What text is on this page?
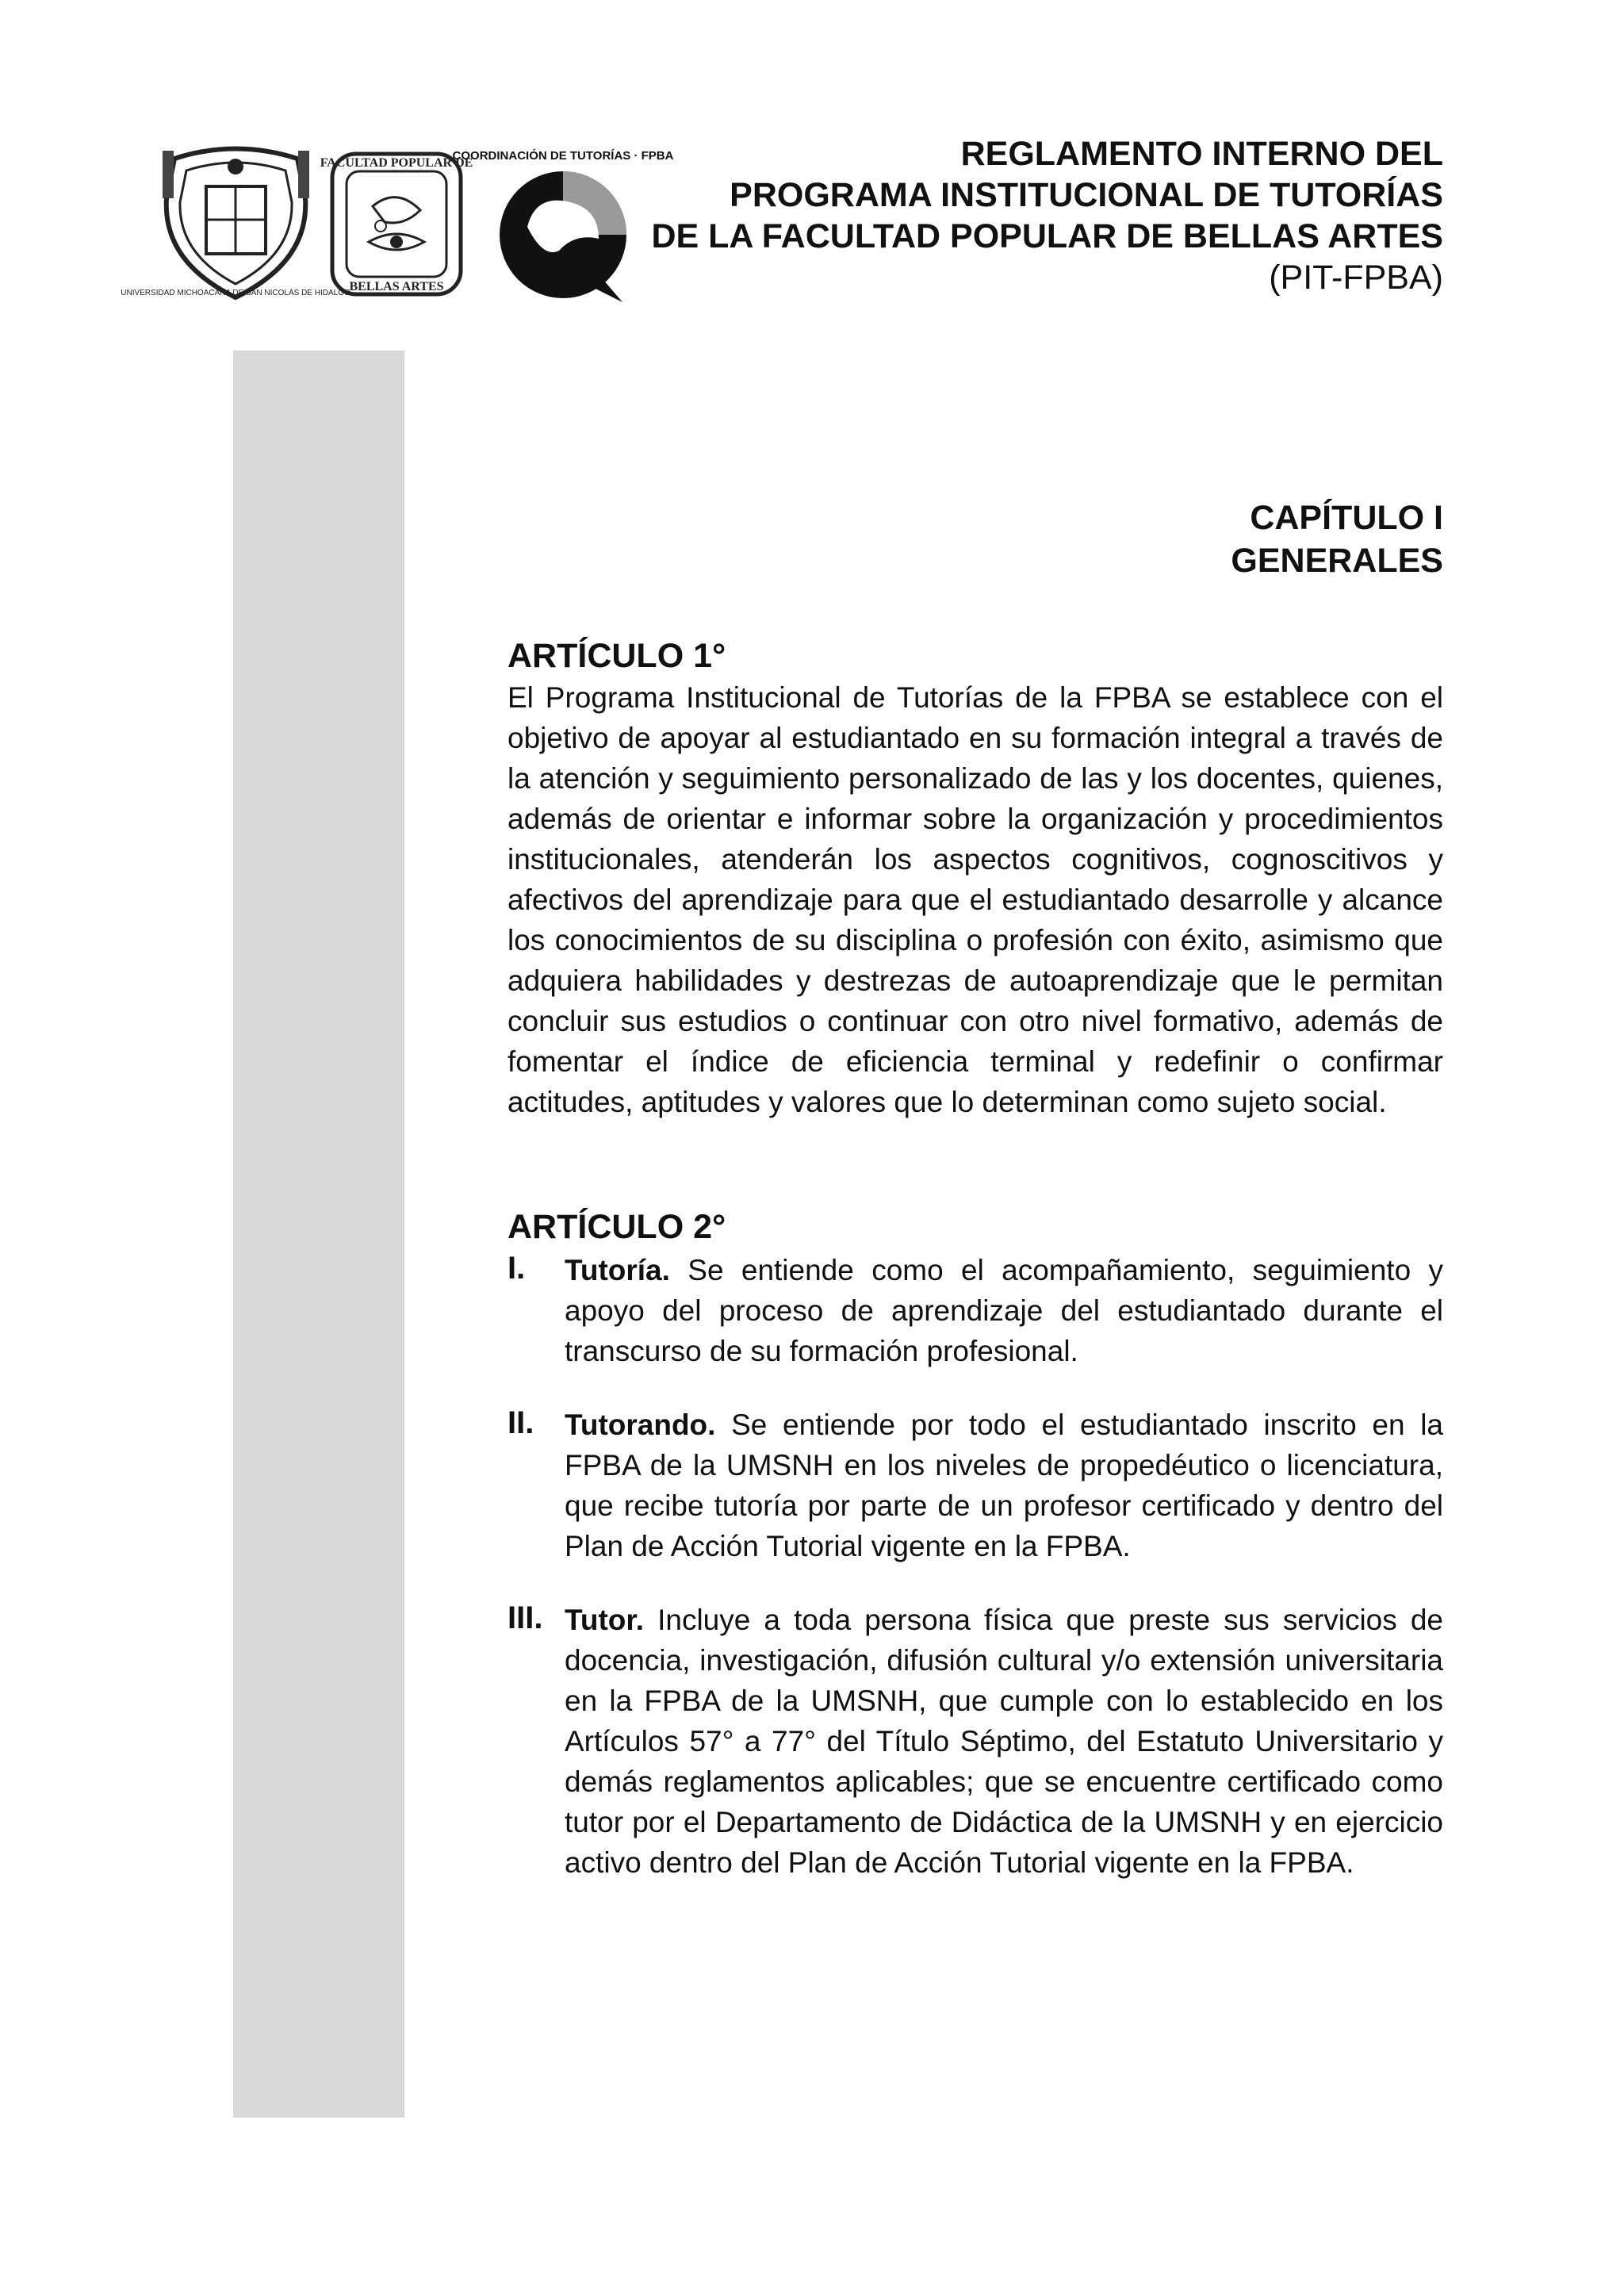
UNIVERSIDAD MICHOACANA DE SAN NICOLÁS DE HIDALGO
FACULTAD POPULAR DE
BELLAS ARTES
COORDINACIÓN DE TUTORÍAS · FPBA	REGLAMENTO INTERNO DEL
PROGRAMA INSTITUCIONAL DE TUTORÍAS
DE LA FACULTAD POPULAR DE BELLAS ARTES
(PIT-FPBA)
CAPÍTULO I
GENERALES
ARTÍCULO 1°

El Programa Institucional de Tutorías de la FPBA se establece con el objetivo de apoyar al estudiantado en su formación integral a través de la atención y seguimiento personalizado de las y los docentes, quienes, además de orientar e informar sobre la organización y procedimientos institucionales, atenderán los aspectos cognitivos, cognoscitivos y afectivos del aprendizaje para que el estudiantado desarrolle y alcance los conocimientos de su disciplina o profesión con éxito, asimismo que adquiera habilidades y destrezas de autoaprendizaje que le permitan concluir sus estudios o continuar con otro nivel formativo, además de fomentar el índice de eficiencia terminal y redefinir o confirmar actitudes, aptitudes y valores que lo determinan como sujeto social.

ARTÍCULO 2°
I. Tutoría. Se entiende como el acompañamiento, seguimiento y apoyo del proceso de aprendizaje del estudiantado durante el transcurso de su formación profesional.

II. Tutorando. Se entiende por todo el estudiantado inscrito en la FPBA de la UMSNH en los niveles de propedéutico o licenciatura, que recibe tutoría por parte de un profesor certificado y dentro del Plan de Acción Tutorial vigente en la FPBA.

III. Tutor. Incluye a toda persona física que preste sus servicios de docencia, investigación, difusión cultural y/o extensión universitaria en la FPBA de la UMSNH, que cumple con lo establecido en los Artículos 57° a 77° del Título Séptimo, del Estatuto Universitario y demás reglamentos aplicables; que se encuentre certificado como tutor por el Departamento de Didáctica de la UMSNH y en ejercicio activo dentro del Plan de Acción Tutorial vigente en la FPBA.
